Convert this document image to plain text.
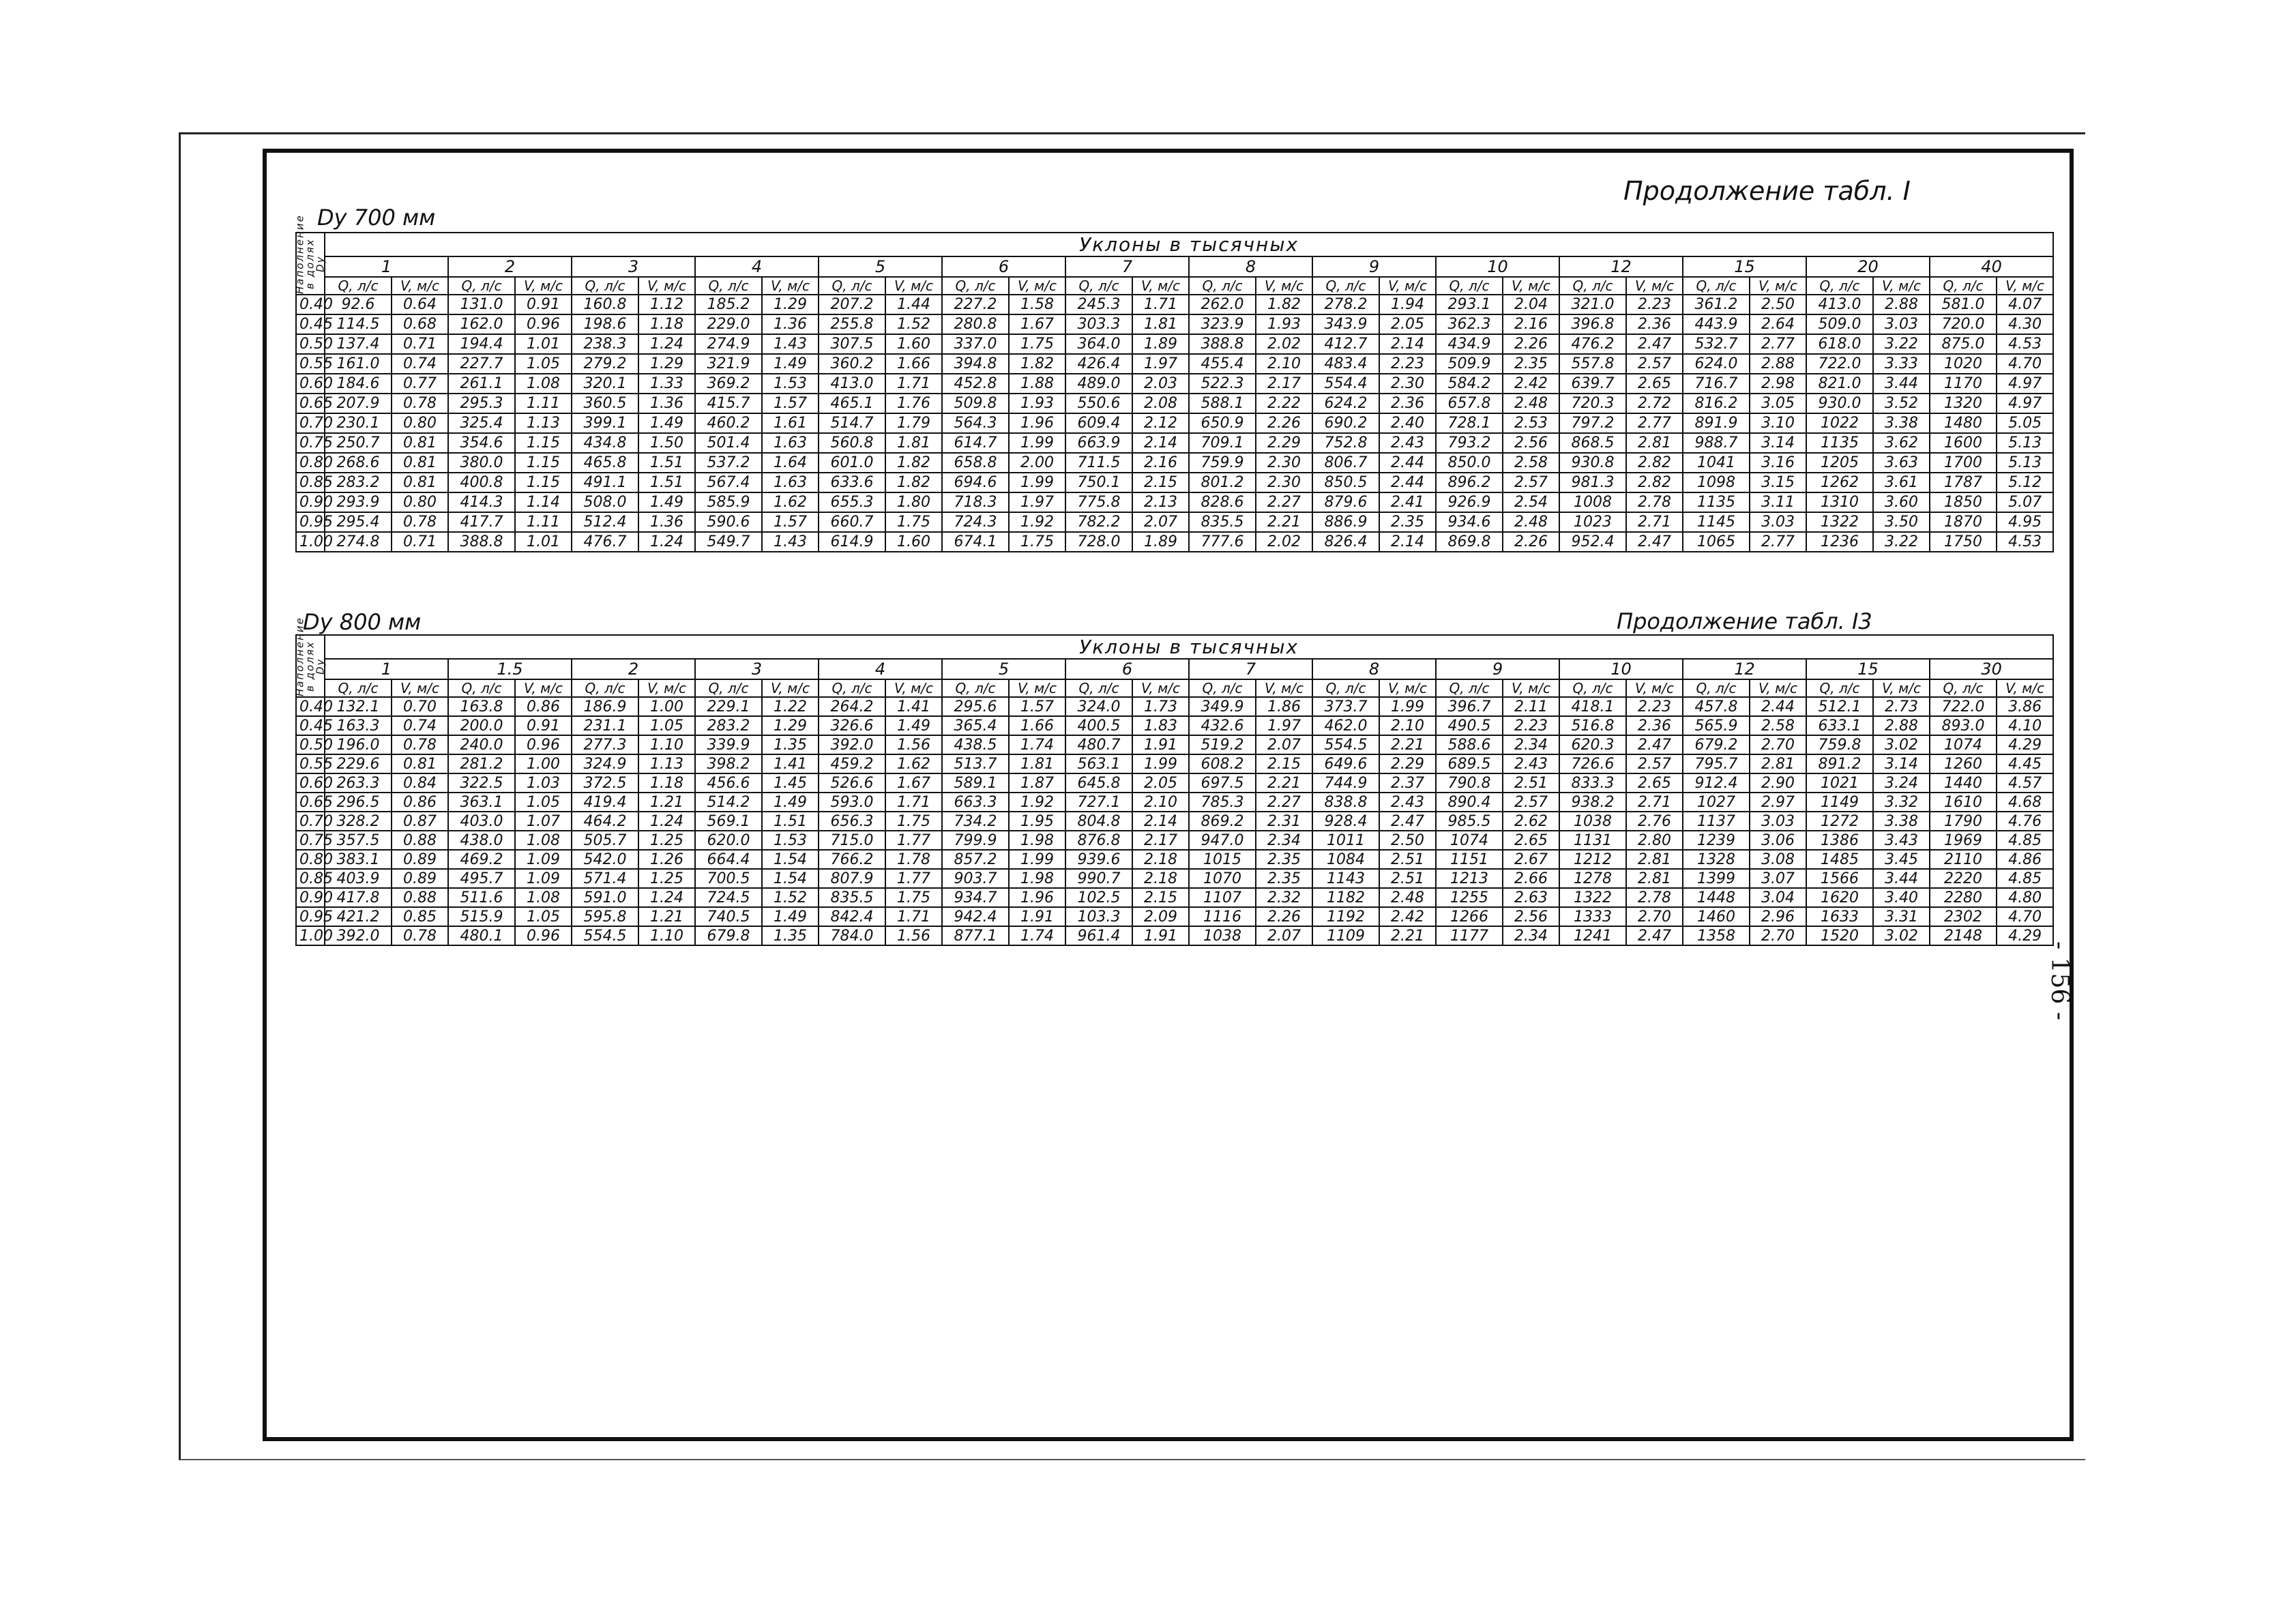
Продолжение табл. I
Dy 700 мм
Наполнение в долях Dy	Уклоны в тысячных																											
	1		2		3		4		5		6		7		8		9		10		12		15		20		40	
	Q, л/с	V, м/с	Q, л/с	V, м/с	Q, л/с	V, м/с	Q, л/с	V, м/с	Q, л/с	V, м/с	Q, л/с	V, м/с	Q, л/с	V, м/с	Q, л/с	V, м/с	Q, л/с	V, м/с	Q, л/с	V, м/с	Q, л/с	V, м/с	Q, л/с	V, м/с	Q, л/с	V, м/с	Q, л/с	V, м/с
0.40	92.6	0.64	131.0	0.91	160.8	1.12	185.2	1.29	207.2	1.44	227.2	1.58	245.3	1.71	262.0	1.82	278.2	1.94	293.1	2.04	321.0	2.23	361.2	2.50	413.0	2.88	581.0	4.07
0.45	114.5	0.68	162.0	0.96	198.6	1.18	229.0	1.36	255.8	1.52	280.8	1.67	303.3	1.81	323.9	1.93	343.9	2.05	362.3	2.16	396.8	2.36	443.9	2.64	509.0	3.03	720.0	4.30
0.50	137.4	0.71	194.4	1.01	238.3	1.24	274.9	1.43	307.5	1.60	337.0	1.75	364.0	1.89	388.8	2.02	412.7	2.14	434.9	2.26	476.2	2.47	532.7	2.77	618.0	3.22	875.0	4.53
0.55	161.0	0.74	227.7	1.05	279.2	1.29	321.9	1.49	360.2	1.66	394.8	1.82	426.4	1.97	455.4	2.10	483.4	2.23	509.9	2.35	557.8	2.57	624.0	2.88	722.0	3.33	1020	4.70
0.60	184.6	0.77	261.1	1.08	320.1	1.33	369.2	1.53	413.0	1.71	452.8	1.88	489.0	2.03	522.3	2.17	554.4	2.30	584.2	2.42	639.7	2.65	716.7	2.98	821.0	3.44	1170	4.97
0.65	207.9	0.78	295.3	1.11	360.5	1.36	415.7	1.57	465.1	1.76	509.8	1.93	550.6	2.08	588.1	2.22	624.2	2.36	657.8	2.48	720.3	2.72	816.2	3.05	930.0	3.52	1320	4.97
0.70	230.1	0.80	325.4	1.13	399.1	1.49	460.2	1.61	514.7	1.79	564.3	1.96	609.4	2.12	650.9	2.26	690.2	2.40	728.1	2.53	797.2	2.77	891.9	3.10	1022	3.38	1480	5.05
0.75	250.7	0.81	354.6	1.15	434.8	1.50	501.4	1.63	560.8	1.81	614.7	1.99	663.9	2.14	709.1	2.29	752.8	2.43	793.2	2.56	868.5	2.81	988.7	3.14	1135	3.62	1600	5.13
0.80	268.6	0.81	380.0	1.15	465.8	1.51	537.2	1.64	601.0	1.82	658.8	2.00	711.5	2.16	759.9	2.30	806.7	2.44	850.0	2.58	930.8	2.82	1041	3.16	1205	3.63	1700	5.13
0.85	283.2	0.81	400.8	1.15	491.1	1.51	567.4	1.63	633.6	1.82	694.6	1.99	750.1	2.15	801.2	2.30	850.5	2.44	896.2	2.57	981.3	2.82	1098	3.15	1262	3.61	1787	5.12
0.90	293.9	0.80	414.3	1.14	508.0	1.49	585.9	1.62	655.3	1.80	718.3	1.97	775.8	2.13	828.6	2.27	879.6	2.41	926.9	2.54	1008	2.78	1135	3.11	1310	3.60	1850	5.07
0.95	295.4	0.78	417.7	1.11	512.4	1.36	590.6	1.57	660.7	1.75	724.3	1.92	782.2	2.07	835.5	2.21	886.9	2.35	934.6	2.48	1023	2.71	1145	3.03	1322	3.50	1870	4.95
1.00	274.8	0.71	388.8	1.01	476.7	1.24	549.7	1.43	614.9	1.60	674.1	1.75	728.0	1.89	777.6	2.02	826.4	2.14	869.8	2.26	952.4	2.47	1065	2.77	1236	3.22	1750	4.53
Dy 800 мм	Продолжение табл. I3
Наполнение в долях Dy	Уклоны в тысячных																											
	1		1.5		2		3		4		5		6		7		8		9		10		12		15		30	
	Q, л/с	V, м/с	Q, л/с	V, м/с	Q, л/с	V, м/с	Q, л/с	V, м/с	Q, л/с	V, м/с	Q, л/с	V, м/с	Q, л/с	V, м/с	Q, л/с	V, м/с	Q, л/с	V, м/с	Q, л/с	V, м/с	Q, л/с	V, м/с	Q, л/с	V, м/с	Q, л/с	V, м/с	Q, л/с	V, м/с
0.40	132.1	0.70	163.8	0.86	186.9	1.00	229.1	1.22	264.2	1.41	295.6	1.57	324.0	1.73	349.9	1.86	373.7	1.99	396.7	2.11	418.1	2.23	457.8	2.44	512.1	2.73	722.0	3.86
0.45	163.3	0.74	200.0	0.91	231.1	1.05	283.2	1.29	326.6	1.49	365.4	1.66	400.5	1.83	432.6	1.97	462.0	2.10	490.5	2.23	516.8	2.36	565.9	2.58	633.1	2.88	893.0	4.10
0.50	196.0	0.78	240.0	0.96	277.3	1.10	339.9	1.35	392.0	1.56	438.5	1.74	480.7	1.91	519.2	2.07	554.5	2.21	588.6	2.34	620.3	2.47	679.2	2.70	759.8	3.02	1074	4.29
0.55	229.6	0.81	281.2	1.00	324.9	1.13	398.2	1.41	459.2	1.62	513.7	1.81	563.1	1.99	608.2	2.15	649.6	2.29	689.5	2.43	726.6	2.57	795.7	2.81	891.2	3.14	1260	4.45
0.60	263.3	0.84	322.5	1.03	372.5	1.18	456.6	1.45	526.6	1.67	589.1	1.87	645.8	2.05	697.5	2.21	744.9	2.37	790.8	2.51	833.3	2.65	912.4	2.90	1021	3.24	1440	4.57
0.65	296.5	0.86	363.1	1.05	419.4	1.21	514.2	1.49	593.0	1.71	663.3	1.92	727.1	2.10	785.3	2.27	838.8	2.43	890.4	2.57	938.2	2.71	1027	2.97	1149	3.32	1610	4.68
0.70	328.2	0.87	403.0	1.07	464.2	1.24	569.1	1.51	656.3	1.75	734.2	1.95	804.8	2.14	869.2	2.31	928.4	2.47	985.5	2.62	1038	2.76	1137	3.03	1272	3.38	1790	4.76
0.75	357.5	0.88	438.0	1.08	505.7	1.25	620.0	1.53	715.0	1.77	799.9	1.98	876.8	2.17	947.0	2.34	1011	2.50	1074	2.65	1131	2.80	1239	3.06	1386	3.43	1969	4.85
0.80	383.1	0.89	469.2	1.09	542.0	1.26	664.4	1.54	766.2	1.78	857.2	1.99	939.6	2.18	1015	2.35	1084	2.51	1151	2.67	1212	2.81	1328	3.08	1485	3.45	2110	4.86
0.85	403.9	0.89	495.7	1.09	571.4	1.25	700.5	1.54	807.9	1.77	903.7	1.98	990.7	2.18	1070	2.35	1143	2.51	1213	2.66	1278	2.81	1399	3.07	1566	3.44	2220	4.85
0.90	417.8	0.88	511.6	1.08	591.0	1.24	724.5	1.52	835.5	1.75	934.7	1.96	102.5	2.15	1107	2.32	1182	2.48	1255	2.63	1322	2.78	1448	3.04	1620	3.40	2280	4.80
0.95	421.2	0.85	515.9	1.05	595.8	1.21	740.5	1.49	842.4	1.71	942.4	1.91	103.3	2.09	1116	2.26	1192	2.42	1266	2.56	1333	2.70	1460	2.96	1633	3.31	2302	4.70
1.00	392.0	0.78	480.1	0.96	554.5	1.10	679.8	1.35	784.0	1.56	877.1	1.74	961.4	1.91	1038	2.07	1109	2.21	1177	2.34	1241	2.47	1358	2.70	1520	3.02	2148	4.29
- 156 -
